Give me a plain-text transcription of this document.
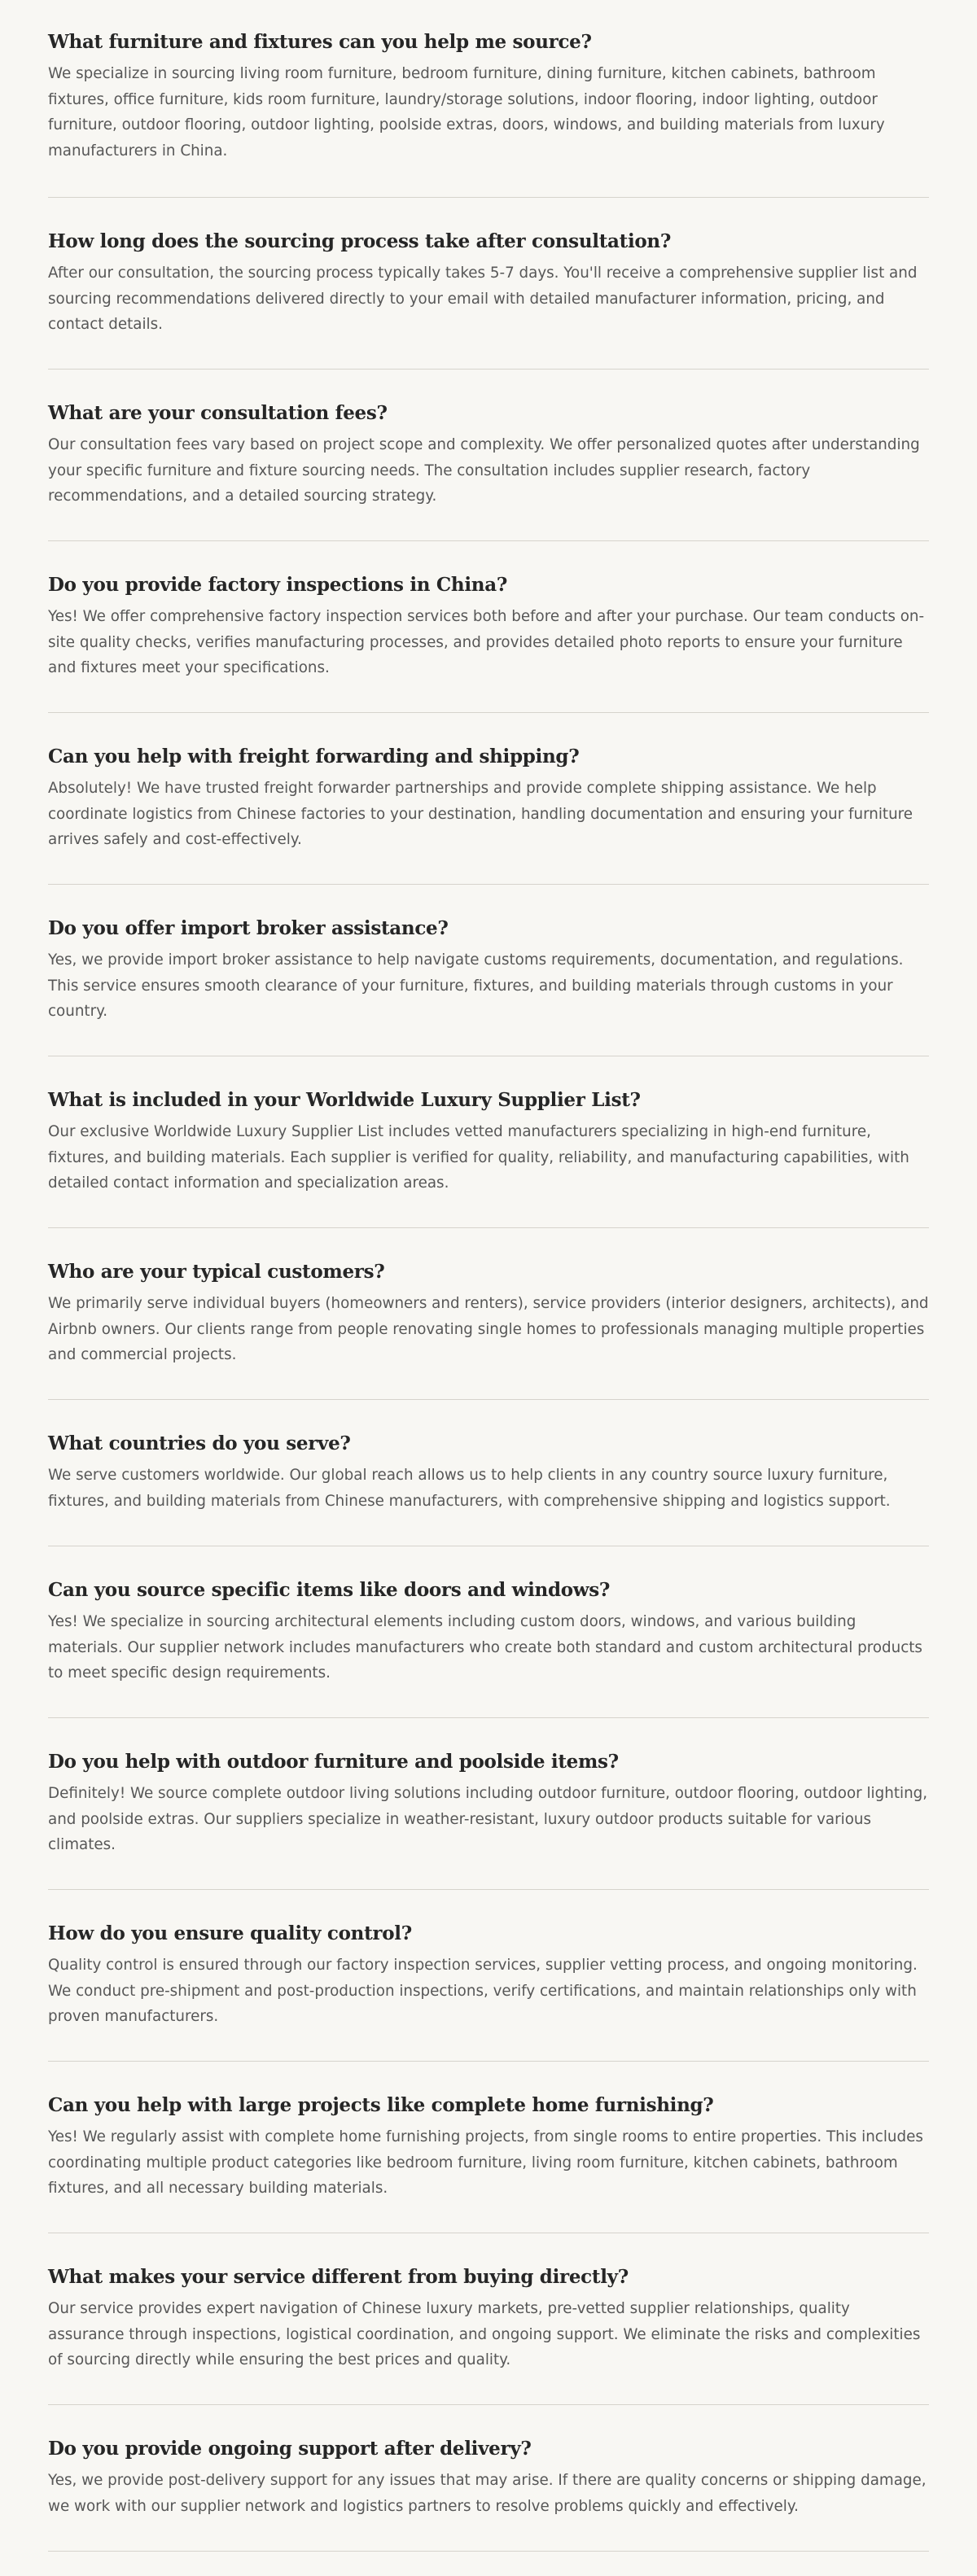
What furniture and fixtures can you help me source?

We specialize in sourcing living room furniture, bedroom furniture, dining furniture, kitchen cabinets, bathroom fixtures, office furniture, kids room furniture, laundry/storage solutions, indoor flooring, indoor lighting, outdoor furniture, outdoor flooring, outdoor lighting, poolside extras, doors, windows, and building materials from luxury manufacturers in China.

How long does the sourcing process take after consultation?

After our consultation, the sourcing process typically takes 5-7 days. You'll receive a comprehensive supplier list and sourcing recommendations delivered directly to your email with detailed manufacturer information, pricing, and contact details.

What are your consultation fees?

Our consultation fees vary based on project scope and complexity. We offer personalized quotes after understanding your specific furniture and fixture sourcing needs. The consultation includes supplier research, factory recommendations, and a detailed sourcing strategy.

Do you provide factory inspections in China?

Yes! We offer comprehensive factory inspection services both before and after your purchase. Our team conducts on-site quality checks, verifies manufacturing processes, and provides detailed photo reports to ensure your furniture and fixtures meet your specifications.

Can you help with freight forwarding and shipping?

Absolutely! We have trusted freight forwarder partnerships and provide complete shipping assistance. We help coordinate logistics from Chinese factories to your destination, handling documentation and ensuring your furniture arrives safely and cost-effectively.

Do you offer import broker assistance?

Yes, we provide import broker assistance to help navigate customs requirements, documentation, and regulations. This service ensures smooth clearance of your furniture, fixtures, and building materials through customs in your country.

What is included in your Worldwide Luxury Supplier List?

Our exclusive Worldwide Luxury Supplier List includes vetted manufacturers specializing in high-end furniture, fixtures, and building materials. Each supplier is verified for quality, reliability, and manufacturing capabilities, with detailed contact information and specialization areas.

Who are your typical customers?

We primarily serve individual buyers (homeowners and renters), service providers (interior designers, architects), and Airbnb owners. Our clients range from people renovating single homes to professionals managing multiple properties and commercial projects.

What countries do you serve?

We serve customers worldwide. Our global reach allows us to help clients in any country source luxury furniture, fixtures, and building materials from Chinese manufacturers, with comprehensive shipping and logistics support.

Can you source specific items like doors and windows?

Yes! We specialize in sourcing architectural elements including custom doors, windows, and various building materials. Our supplier network includes manufacturers who create both standard and custom architectural products to meet specific design requirements.

Do you help with outdoor furniture and poolside items?

Definitely! We source complete outdoor living solutions including outdoor furniture, outdoor flooring, outdoor lighting, and poolside extras. Our suppliers specialize in weather-resistant, luxury outdoor products suitable for various climates.

How do you ensure quality control?

Quality control is ensured through our factory inspection services, supplier vetting process, and ongoing monitoring. We conduct pre-shipment and post-production inspections, verify certifications, and maintain relationships only with proven manufacturers.

Can you help with large projects like complete home furnishing?

Yes! We regularly assist with complete home furnishing projects, from single rooms to entire properties. This includes coordinating multiple product categories like bedroom furniture, living room furniture, kitchen cabinets, bathroom fixtures, and all necessary building materials.

What makes your service different from buying directly?

Our service provides expert navigation of Chinese luxury markets, pre-vetted supplier relationships, quality assurance through inspections, logistical coordination, and ongoing support. We eliminate the risks and complexities of sourcing directly while ensuring the best prices and quality.

Do you provide ongoing support after delivery?

Yes, we provide post-delivery support for any issues that may arise. If there are quality concerns or shipping damage, we work with our supplier network and logistics partners to resolve problems quickly and effectively.
